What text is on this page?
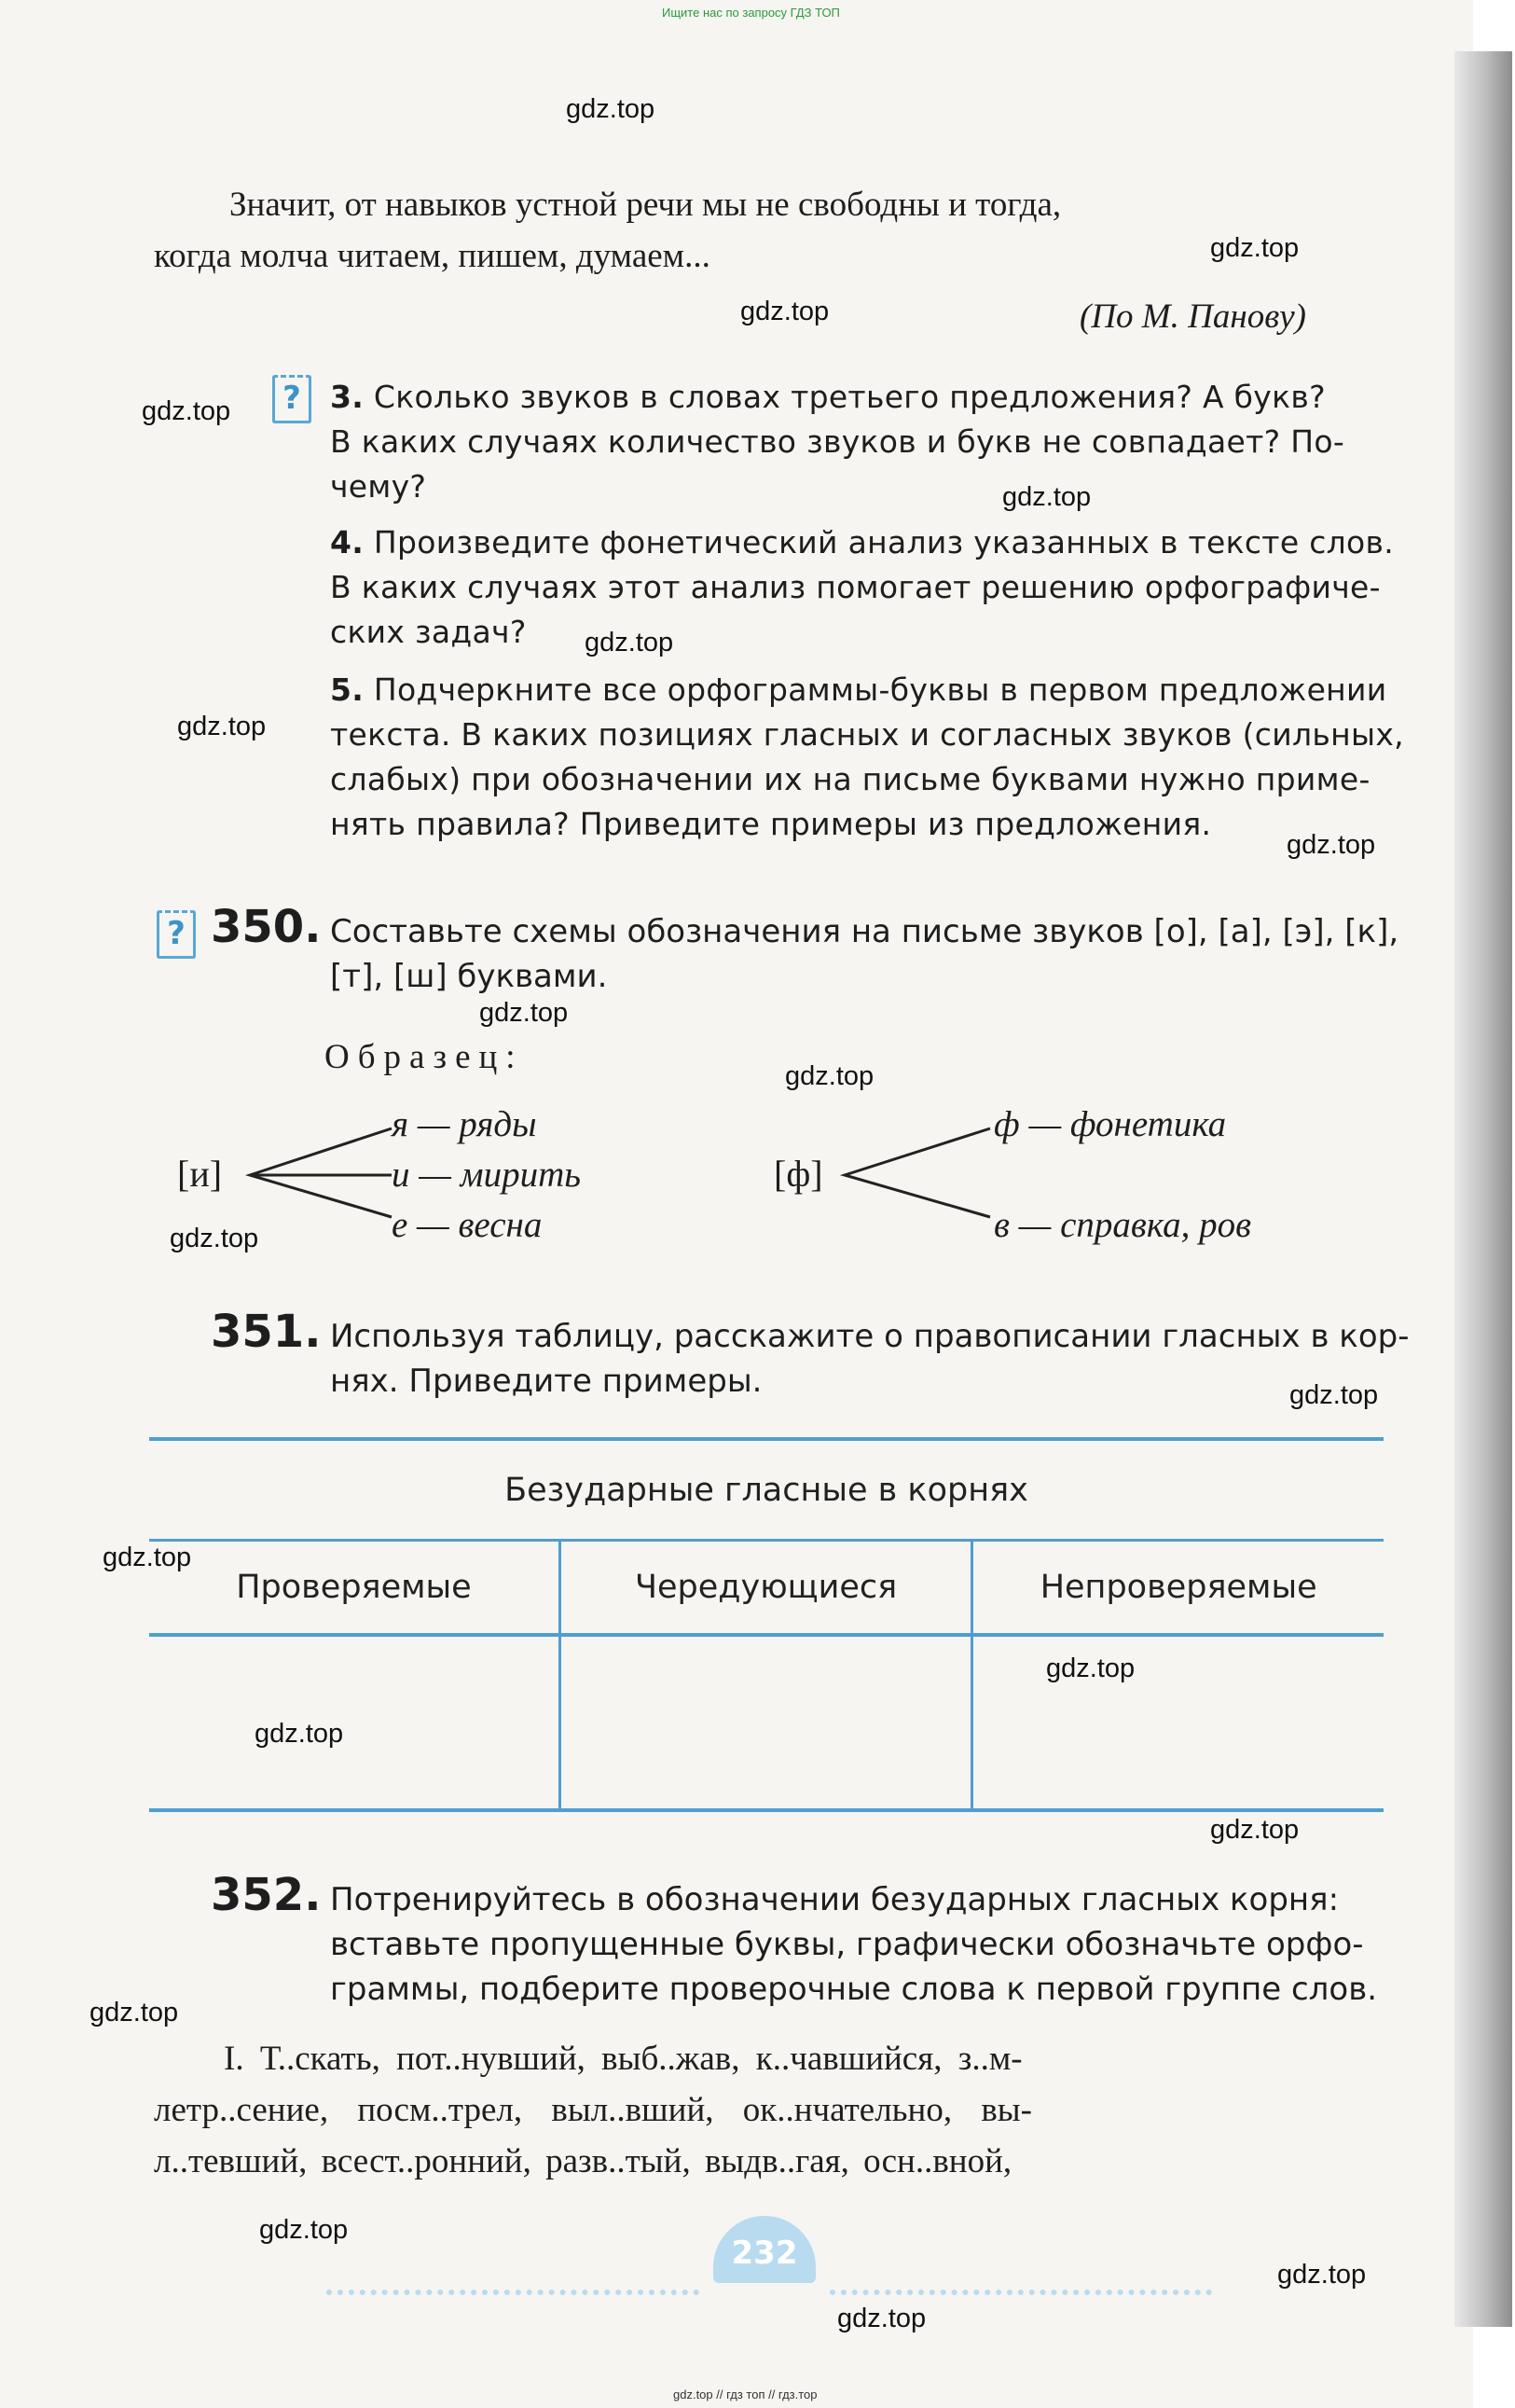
Ищите нас по запросу ГДЗ ТОП
gdz.top
gdz.top
gdz.top
gdz.top
gdz.top
gdz.top
gdz.top
gdz.top
gdz.top
gdz.top
gdz.top
gdz.top
gdz.top
gdz.top
gdz.top
gdz.top
gdz.top
gdz.top
gdz.top
gdz.top
Значит, от навыков устной речи мы не свободны и тогда,
когда молча читаем, пишем, думаем...
(По М. Панову)
? 3. Сколько звуков в словах третьего предложения? А букв?
В каких случаях количество звуков и букв не совпадает? По-
чему?
4. Произведите фонетический анализ указанных в тексте слов.
В каких случаях этот анализ помогает решению орфографиче-
ских задач?
5. Подчеркните все орфограммы-буквы в первом предложении
текста. В каких позициях гласных и согласных звуков (сильных,
слабых) при обозначении их на письме буквами нужно приме-
нять правила? Приведите примеры из предложения.
? 350. Составьте схемы обозначения на письме звуков [о], [а], [э], [к],
[т], [ш] буквами.
Образец:
[и]
я — ряды
и — мирить
е — весна
[ф]
ф — фонетика
в — справка, ров
351. Используя таблицу, расскажите о правописании гласных в кор-
нях. Приведите примеры.
Безударные гласные в корнях		
Проверяемые	Чередующиеся	Непроверяемые

352. Потренируйтесь в обозначении безударных гласных корня:
вставьте пропущенные буквы, графически обозначьте орфо-
граммы, подберите проверочные слова к первой группе слов.
I. Т..скать, пот..нувший, выб..жав, к..чавшийся, з..м-
летр..сение, посм..трел, выл..вший, ок..нчательно, вы-
л..тевший, всест..ронний, разв..тый, выдв..гая, осн..вной,
232
gdz.top // гдз топ // гдз.тор
